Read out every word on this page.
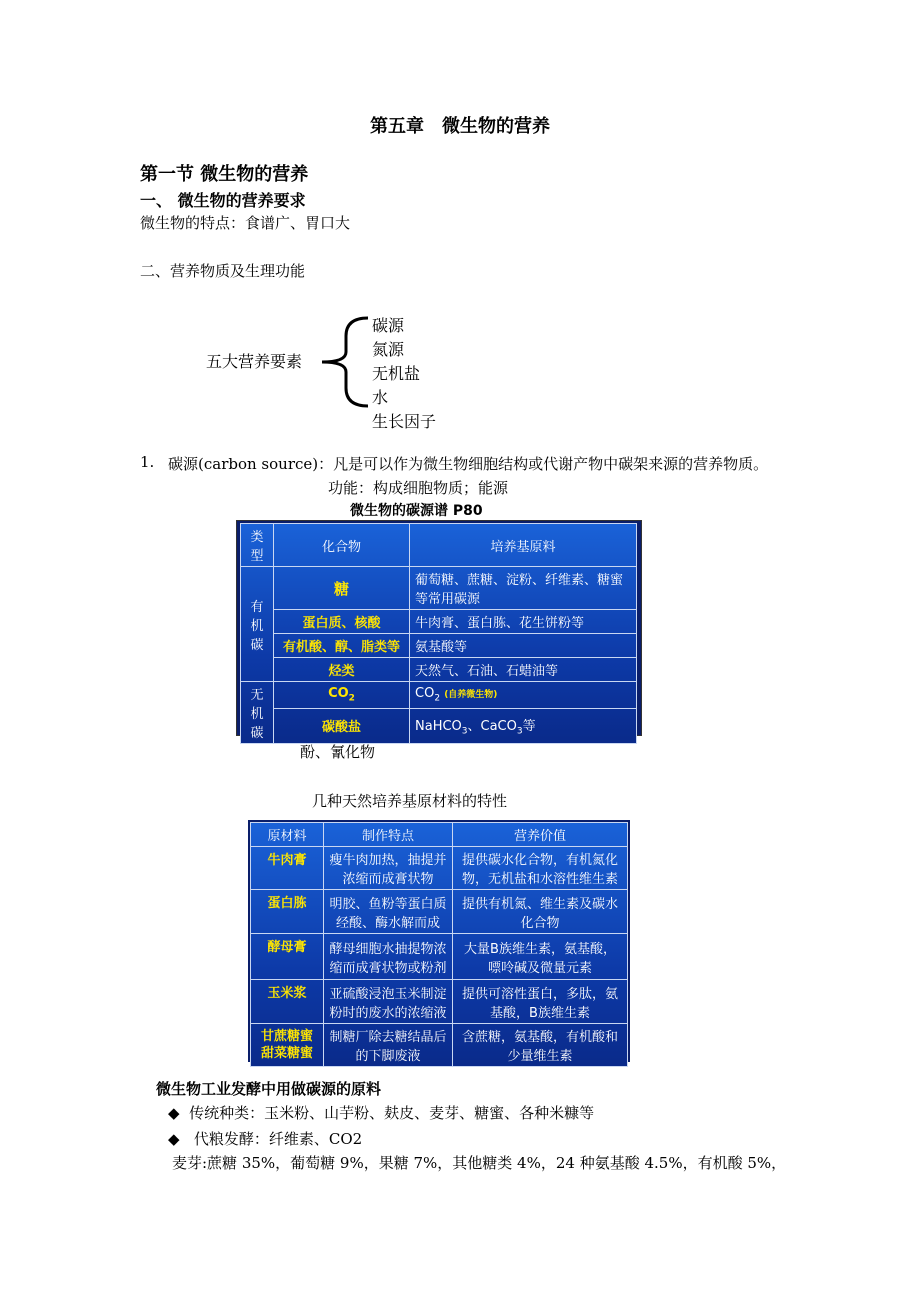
第五章　微生物的营养
第一节 微生物的营养
一、 微生物的营养要求
微生物的特点：食谱广、胃口大
二、营养物质及生理功能
五大营养要素
碳源
氮源
无机盐
水
生长因子
1. 碳源(carbon source)：凡是可以作为微生物细胞结构或代谢产物中碳架来源的营养物质。
功能：构成细胞物质；能源
微生物的碳源谱 P80
类型	化合物	培养基原料
有机碳	糖	葡萄糖、蔗糖、淀粉、纤维素、糖蜜等常用碳源
	蛋白质、核酸	牛肉膏、蛋白胨、花生饼粉等
	有机酸、醇、脂类等	氨基酸等
	烃类	天然气、石油、石蜡油等
无机碳	$CO_2$	$CO_2$ (自养微生物)
	碳酸盐	NaHCO$_3$、CaCO$_3$等
酚、氰化物
几种天然培养基原材料的特性
原材料	制作特点	营养价值
牛肉膏	瘦牛肉加热，抽提并浓缩而成膏状物	提供碳水化合物，有机氮化物，无机盐和水溶性维生素
蛋白胨	明胶、鱼粉等蛋白质经酸、酶水解而成	提供有机氮、维生素及碳水化合物
酵母膏	酵母细胞水抽提物浓缩而成膏状物或粉剂	大量B族维生素，氨基酸，嘌呤碱及微量元素
玉米浆	亚硫酸浸泡玉米制淀粉时的废水的浓缩液	提供可溶性蛋白，多肽，氨基酸，B族维生素
甘蔗糖蜜 甜菜糖蜜	制糖厂除去糖结晶后的下脚废液	含蔗糖，氨基酸，有机酸和少量维生素
微生物工业发酵中用做碳源的原料
◆ 传统种类：玉米粉、山芋粉、麸皮、麦芽、糖蜜、各种米糠等
◆ 代粮发酵：纤维素、CO2
麦芽:蔗糖 35%，葡萄糖 9%，果糖 7%，其他糖类 4%，24 种氨基酸 4.5%，有机酸 5%，
